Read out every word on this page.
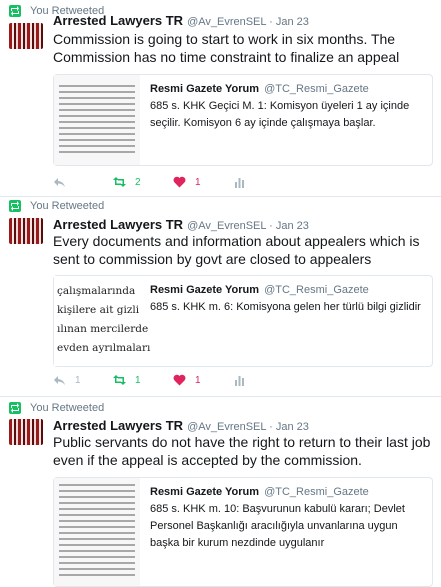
You Retweeted
Arrested Lawyers TR @Av_EvrenSEL · Jan 23
Commission is going to start to work in six months. The Commission has no time constraint to finalize an appeal
Resmi Gazete Yorum @TC_Resmi_Gazete
685 s. KHK Geçici M. 1: Komisyon üyeleri 1 ay içinde seçilir. Komisyon 6 ay içinde çalışmaya başlar.
2	1
You Retweeted
Arrested Lawyers TR @Av_EvrenSEL · Jan 23
Every documents and information about appealers which is sent to commission by govt are closed to appealers
çalışmalarında
kişilere ait gizli
ılınan mercilerde
evden ayrılmaları
Resmi Gazete Yorum @TC_Resmi_Gazete
685 s. KHK m. 6: Komisyona gelen her türlü bilgi gizlidir
1	1	1
You Retweeted
Arrested Lawyers TR @Av_EvrenSEL · Jan 23
Public servants do not have the right to return to their last job even if the appeal is accepted by the commission.
Resmi Gazete Yorum @TC_Resmi_Gazete
685 s. KHK m. 10: Başvurunun kabulü kararı; Devlet Personel Başkanlığı aracılığıyla unvanlarına uygun başka bir kurum nezdinde uygulanır
